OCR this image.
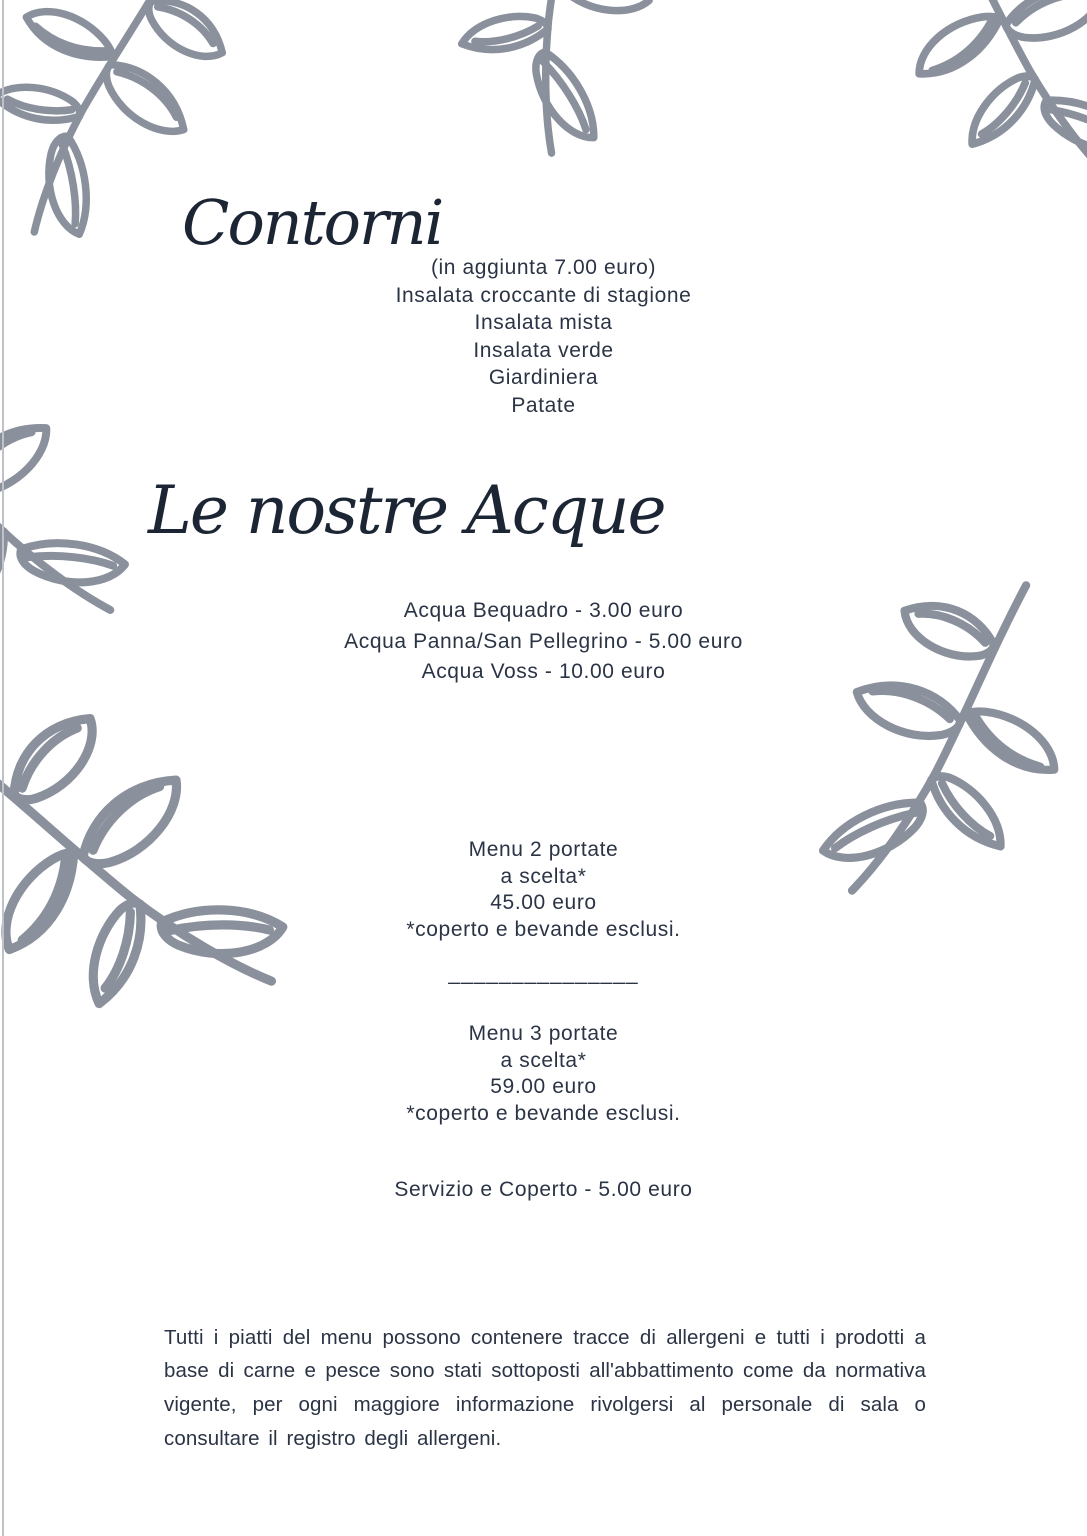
Contorni
(in aggiunta 7.00 euro)
Insalata croccante di stagione
Insalata mista
Insalata verde
Giardiniera
Patate
Le nostre Acque
Acqua Bequadro - 3.00 euro
Acqua Panna/San Pellegrino - 5.00 euro
Acqua Voss - 10.00 euro
Menu 2 portate
a scelta*
45.00 euro
*coperto e bevande esclusi.
_______________
Menu 3 portate
a scelta*
59.00 euro
*coperto e bevande esclusi.
Servizio e Coperto - 5.00 euro

Tutti i piatti del menu possono contenere tracce di allergeni e tutti i prodotti a base di carne e pesce sono stati sottoposti all'abbattimento come da normativa vigente, per ogni maggiore informazione rivolgersi al personale di sala o consultare il registro degli allergeni.
